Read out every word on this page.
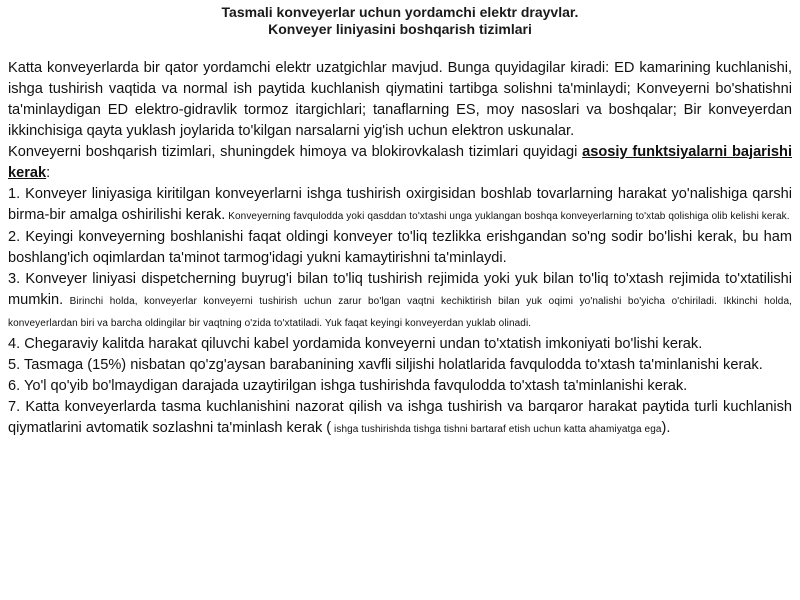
Tasmali konveyerlar uchun yordamchi elektr drayvlar.
Konveyer liniyasini boshqarish tizimlari

Katta konveyerlarda bir qator yordamchi elektr uzatgichlar mavjud. Bunga quyidagilar kiradi: ED kamarining kuchlanishi, ishga tushirish vaqtida va normal ish paytida kuchlanish qiymatini tartibga solishni ta'minlaydi; Konveyerni bo'shatishni ta'minlaydigan ED elektro-gidravlik tormoz itargichlari; tanaflarning ES, moy nasoslari va boshqalar; Bir konveyerdan ikkinchisiga qayta yuklash joylarida to'kilgan narsalarni yig'ish uchun elektron uskunalar.

Konveyerni boshqarish tizimlari, shuningdek himoya va blokirovkalash tizimlari quyidagi asosiy funktsiyalarni bajarishi kerak:

1. Konveyer liniyasiga kiritilgan konveyerlarni ishga tushirish oxirgisidan boshlab tovarlarning harakat yo'nalishiga qarshi birma-bir amalga oshirilishi kerak. Konveyerning favqulodda yoki qasddan to'xtashi unga yuklangan boshqa konveyerlarning to'xtab qolishiga olib kelishi kerak.

2. Keyingi konveyerning boshlanishi faqat oldingi konveyer to'liq tezlikka erishgandan so'ng sodir bo'lishi kerak, bu ham boshlang'ich oqimlardan ta'minot tarmog'idagi yukni kamaytirishni ta'minlaydi.

3. Konveyer liniyasi dispetcherning buyrug'i bilan to'liq tushirish rejimida yoki yuk bilan to'liq to'xtash rejimida to'xtatilishi mumkin. Birinchi holda, konveyerlar konveyerni tushirish uchun zarur bo'lgan vaqtni kechiktirish bilan yuk oqimi yo'nalishi bo'yicha o'chiriladi. Ikkinchi holda, konveyerlardan biri va barcha oldingilar bir vaqtning o'zida to'xtatiladi. Yuk faqat keyingi konveyerdan yuklab olinadi.

4. Chegaraviy kalitda harakat qiluvchi kabel yordamida konveyerni undan to'xtatish imkoniyati bo'lishi kerak.

5. Tasmaga (15%) nisbatan qo'zg'aysan barabanining xavfli siljishi holatlarida favqulodda to'xtash ta'minlanishi kerak.

6. Yo'l qo'yib bo'lmaydigan darajada uzaytirilgan ishga tushirishda favqulodda to'xtash ta'minlanishi kerak.

7. Katta konveyerlarda tasma kuchlanishini nazorat qilish va ishga tushirish va barqaror harakat paytida turli kuchlanish qiymatlarini avtomatik sozlashni ta'minlash kerak ( ishga tushirishda tishga tishni bartaraf etish uchun katta ahamiyatga ega).
